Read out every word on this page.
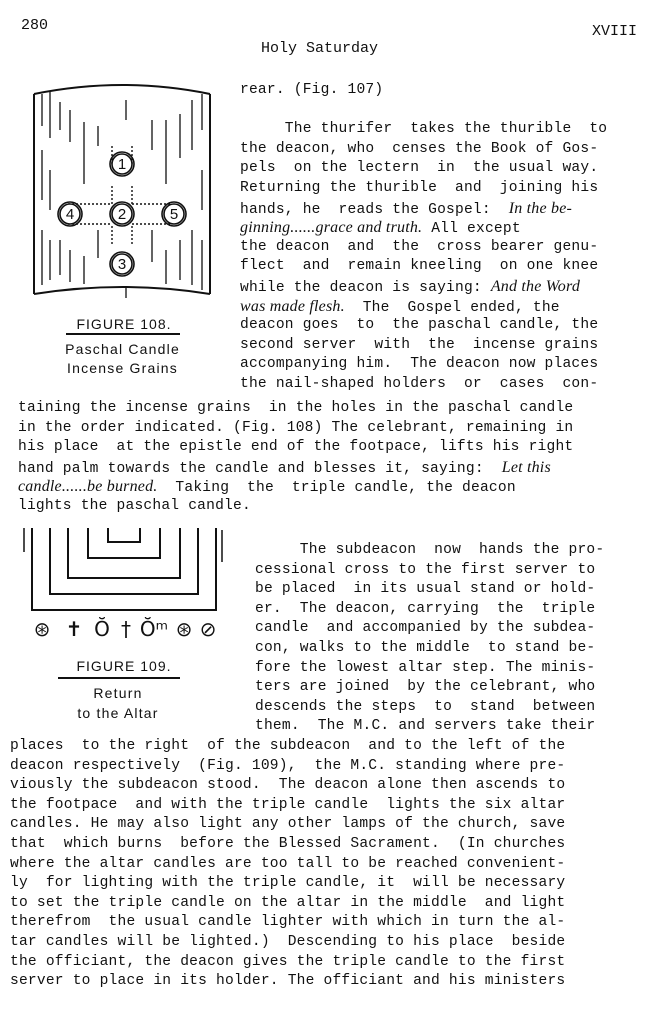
280	XVIII
Holy Saturday
1
2
3
4	5
FIGURE 108.
Paschal Candle
Incense Grains
rear. (Fig. 107)
The thurifer  takes the thurible  to
the deacon, who  censes the Book of Gos-
pels  on the lectern  in  the usual way.
Returning the thurible  and  joining his
hands, he  reads the Gospel:  In the be-
ginning......grace and truth. All except
the deacon  and  the  cross bearer genu-
flect  and  remain kneeling  on one knee
while the deacon is saying: And the Word
was made flesh.  The  Gospel ended, the
deacon goes  to  the paschal candle, the
second server  with  the  incense grains
accompanying him.  The deacon now places
the nail-shaped holders  or  cases  con-
taining the incense grains  in the holes in the paschal candle
in the order indicated. (Fig. 108) The celebrant, remaining in
his place  at the epistle end of the footpace, lifts his right
hand palm towards the candle and blesses it, saying:  Let this
candle......be burned.  Taking  the  triple candle, the deacon
lights the paschal candle.
⊛ ✝ Ŏ † Ŏᵐ ⊛ ⊘
FIGURE 109.
Return
to the Altar
The subdeacon  now  hands the pro-
cessional cross to the first server to
be placed  in its usual stand or hold-
er.  The deacon, carrying  the  triple
candle  and accompanied by the subdea-
con, walks to the middle  to stand be-
fore the lowest altar step. The minis-
ters are joined  by the celebrant, who
descends the steps  to  stand  between
them.  The M.C. and servers take their
places  to the right  of the subdeacon  and to the left of the
deacon respectively  (Fig. 109),  the M.C. standing where pre-
viously the subdeacon stood.  The deacon alone then ascends to
the footpace  and with the triple candle  lights the six altar
candles. He may also light any other lamps of the church, save
that  which burns  before the Blessed Sacrament.  (In churches
where the altar candles are too tall to be reached convenient-
ly  for lighting with the triple candle, it  will be necessary
to set the triple candle on the altar in the middle  and light
therefrom  the usual candle lighter with which in turn the al-
tar candles will be lighted.)  Descending to his place  beside
the officiant, the deacon gives the triple candle to the first
server to place in its holder. The officiant and his ministers
